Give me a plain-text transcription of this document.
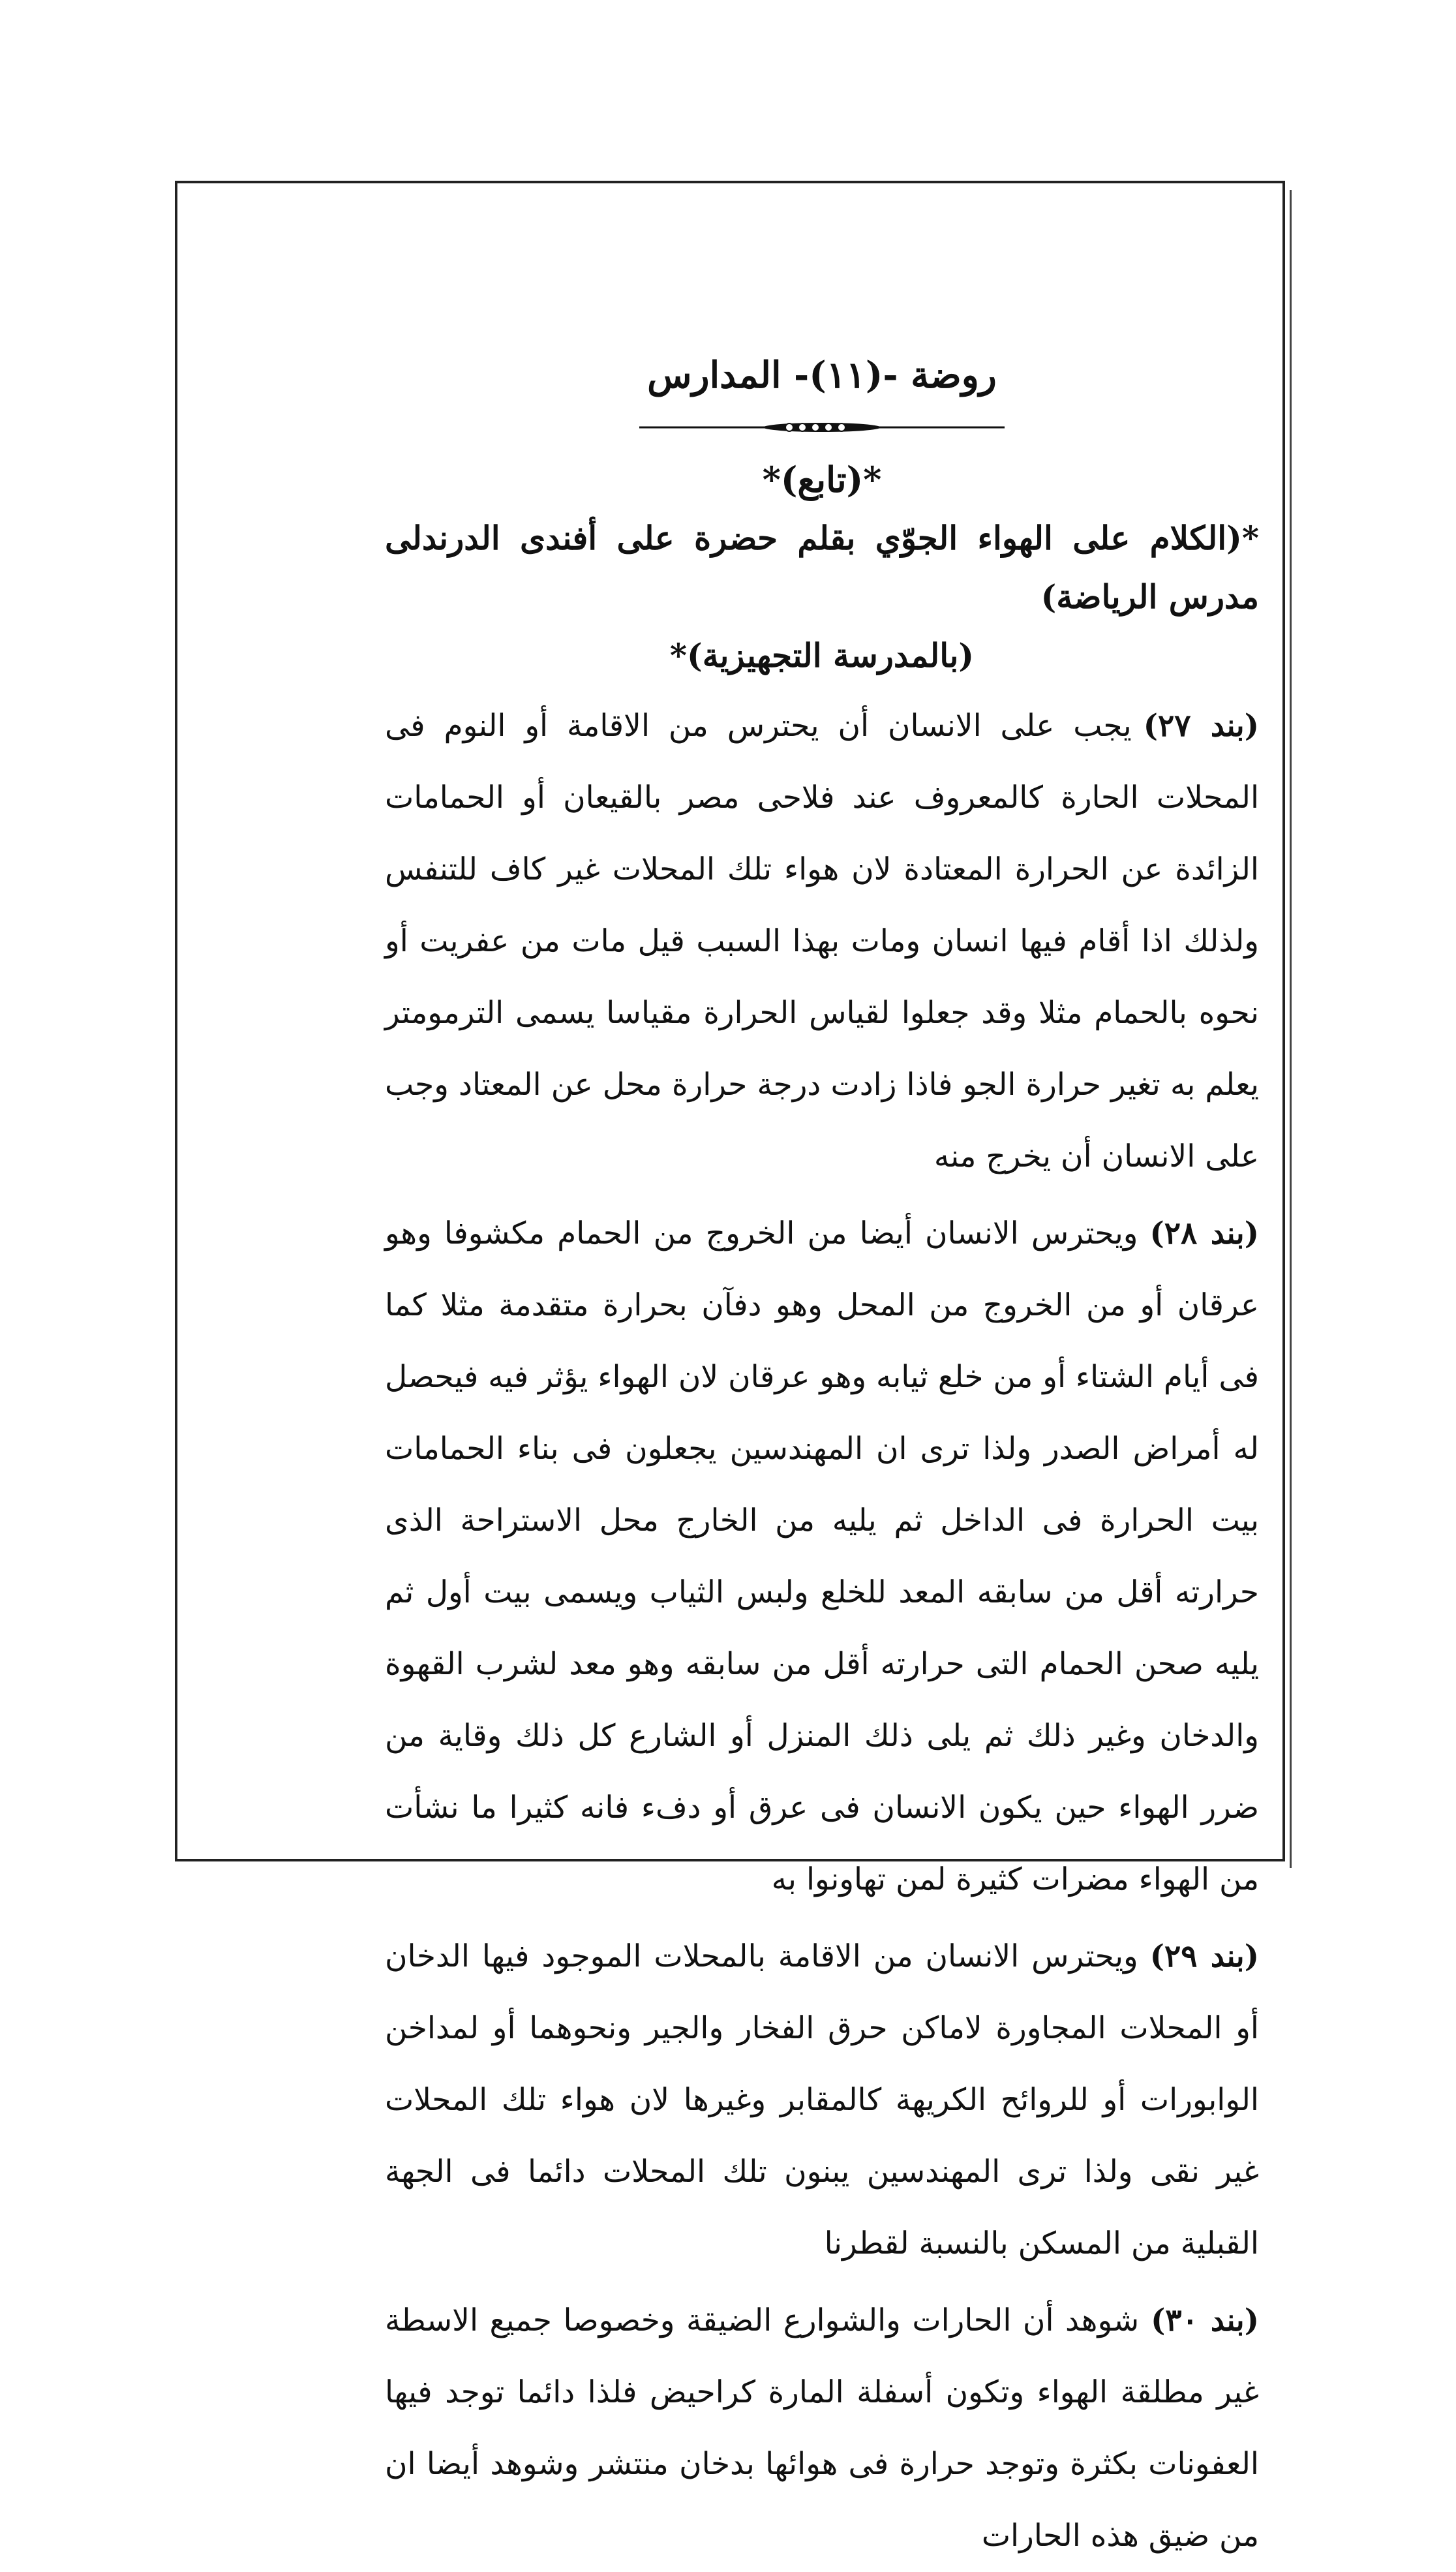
روضة -(١١)- المدارس
*(تابع)*
*(الكلام على الهواء الجوّي بقلم حضرة على أفندى الدرندلى مدرس الرياضة)
(بالمدرسة التجهيزية)*
(بند ٢٧)يجب على الانسان أن يحترس من الاقامة أو النوم فى المحلات الحارة كالمعروف عند فلاحى مصر بالقيعان أو الحمامات الزائدة عن الحرارة المعتادة لان هواء تلك المحلات غير كاف للتنفس ولذلك اذا أقام فيها انسان ومات بهذا السبب قيل مات من عفريت أو نحوه بالحمام مثلا وقد جعلوا لقياس الحرارة مقياسا يسمى الترمومتر يعلم به تغير حرارة الجو فاذا زادت درجة حرارة محل عن المعتاد وجب على الانسان أن يخرج منه
(بند ٢٨)ويحترس الانسان أيضا من الخروج من الحمام مكشوفا وهو عرقان أو من الخروج من المحل وهو دفآن بحرارة متقدمة مثلا كما فى أيام الشتاء أو من خلع ثيابه وهو عرقان لان الهواء يؤثر فيه فيحصل له أمراض الصدر ولذا ترى ان المهندسين يجعلون فى بناء الحمامات بيت الحرارة فى الداخل ثم يليه من الخارج محل الاستراحة الذى حرارته أقل من سابقه المعد للخلع ولبس الثياب ويسمى بيت أول ثم يليه صحن الحمام التى حرارته أقل من سابقه وهو معد لشرب القهوة والدخان وغير ذلك ثم يلى ذلك المنزل أو الشارع كل ذلك وقاية من ضرر الهواء حين يكون الانسان فى عرق أو دفء فانه كثيرا ما نشأت من الهواء مضرات كثيرة لمن تهاونوا به
(بند ٢٩)ويحترس الانسان من الاقامة بالمحلات الموجود فيها الدخان أو المحلات المجاورة لاماكن حرق الفخار والجير ونحوهما أو لمداخن الوابورات أو للروائح الكريهة كالمقابر وغيرها لان هواء تلك المحلات غير نقى ولذا ترى المهندسين يبنون تلك المحلات دائما فى الجهة القبلية من المسكن بالنسبة لقطرنا
(بند ٣٠)شوهد أن الحارات والشوارع الضيقة وخصوصا جميع الاسطة غير مطلقة الهواء وتكون أسفلة المارة كراحيض فلذا دائما توجد فيها العفونات بكثرة وتوجد حرارة فى هوائها بدخان منتشر وشوهد أيضا ان من ضيق هذه الحارات
